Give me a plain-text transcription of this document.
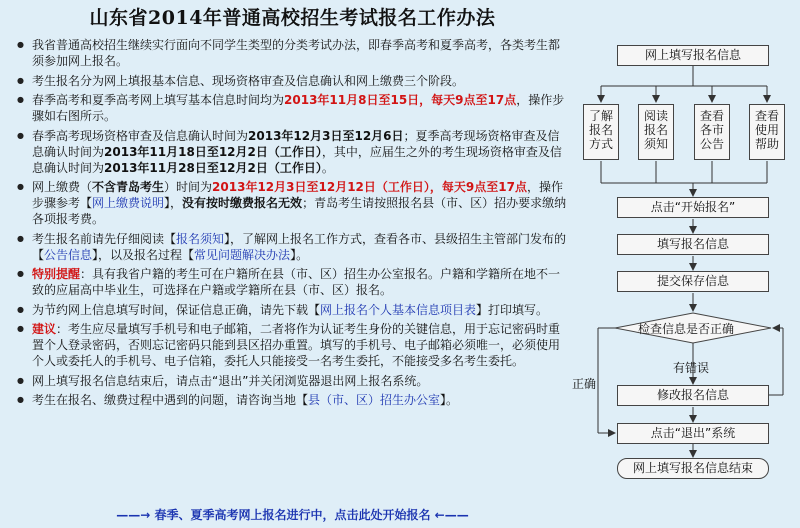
山东省2014年普通高校招生考试报名工作办法
● 我省普通高校招生继续实行面向不同学生类型的分类考试办法，即春季高考和夏季高考，各类考生都须参加网上报名。
● 考生报名分为网上填报基本信息、现场资格审查及信息确认和网上缴费三个阶段。
● 春季高考和夏季高考网上填写基本信息时间均为2013年11月8日至15日，每天9点至17点，操作步骤如右图所示。
● 春季高考现场资格审查及信息确认时间为2013年12月3日至12月6日；夏季高考现场资格审查及信息确认时间为2013年11月18日至12月2日（工作日），其中，应届生之外的考生现场资格审查及信息确认时间为2013年11月28日至12月2日（工作日）。
● 网上缴费（不含青岛考生）时间为2013年12月3日至12月12日（工作日），每天9点至17点，操作步骤参考【网上缴费说明】，没有按时缴费报名无效；青岛考生请按照报名县（市、区）招办要求缴纳各项报考费。
● 考生报名前请先仔细阅读【报名须知】，了解网上报名工作方式，查看各市、县级招生主管部门发布的【公告信息】，以及报名过程【常见问题解决办法】。
● 特别提醒：具有我省户籍的考生可在户籍所在县（市、区）招生办公室报名。户籍和学籍所在地不一致的应届高中毕业生，可选择在户籍或学籍所在县（市、区）报名。
● 为节约网上信息填写时间，保证信息正确，请先下载【网上报名个人基本信息项目表】打印填写。
● 建议：考生应尽量填写手机号和电子邮箱，二者将作为认证考生身份的关键信息，用于忘记密码时重置个人登录密码，否则忘记密码只能到县区招办重置。填写的手机号、电子邮箱必须唯一，必须使用个人或委托人的手机号、电子信箱，委托人只能接受一名考生委托，不能接受多名考生委托。
● 网上填写报名信息结束后，请点击“退出”并关闭浏览器退出网上报名系统。
● 考生在报名、缴费过程中遇到的问题，请咨询当地【县（市、区）招生办公室】。
——→ 春季、夏季高考网上报名进行中，点击此处开始报名 ←——
网上填写报名信息
了解报名方式
阅读报名须知
查看各市公告
查看使用帮助
点击“开始报名”
填写报名信息
提交保存信息
检查信息是否正确
有错误
正确
修改报名信息
点击“退出”系统
网上填写报名信息结束
